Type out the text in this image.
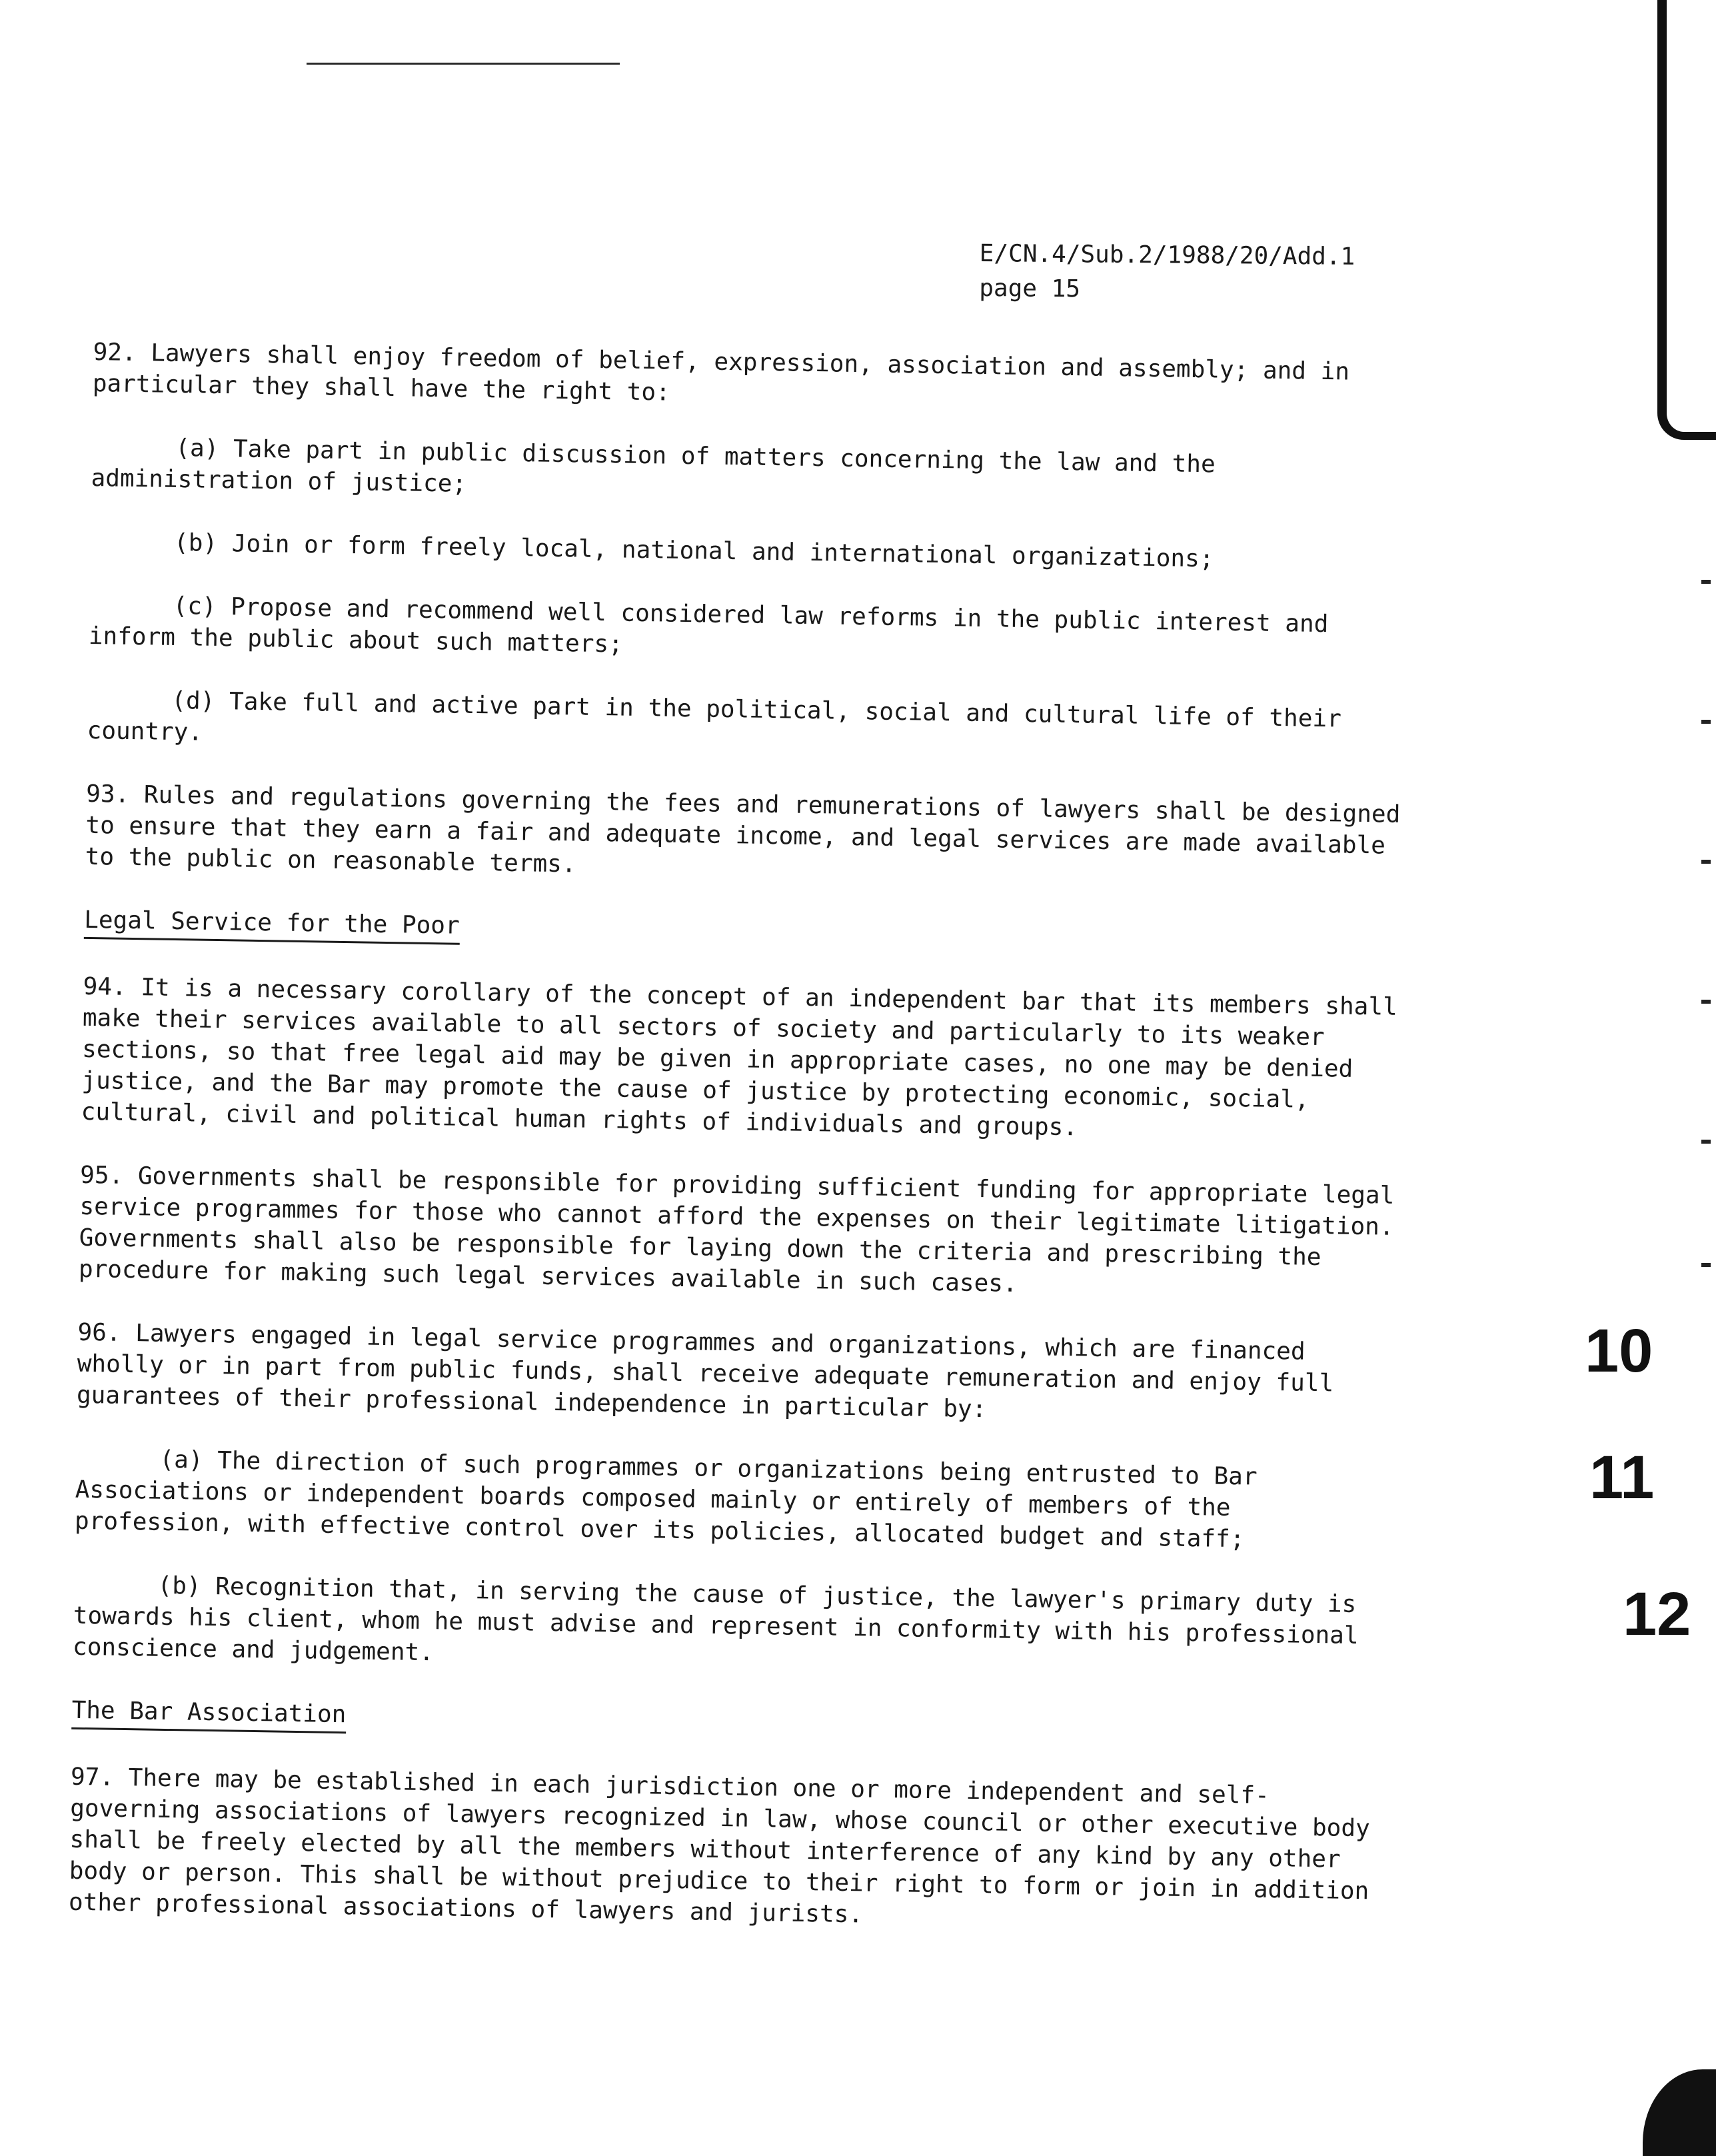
E/CN.4/Sub.2/1988/20/Add.1
page 15

92. Lawyers shall enjoy freedom of belief, expression, association and assembly; and in particular they shall have the right to:

(a) Take part in public discussion of matters concerning the law and the administration of justice;

(b) Join or form freely local, national and international organizations;

(c) Propose and recommend well considered law reforms in the public interest and inform the public about such matters;

(d) Take full and active part in the political, social and cultural life of their country.

93. Rules and regulations governing the fees and remunerations of lawyers shall be designed to ensure that they earn a fair and adequate income, and legal services are made available to the public on reasonable terms.

Legal Service for the Poor

94. It is a necessary corollary of the concept of an independent bar that its members shall make their services available to all sectors of society and particularly to its weaker sections, so that free legal aid may be given in appropriate cases, no one may be denied justice, and the Bar may promote the cause of justice by protecting economic, social, cultural, civil and political human rights of individuals and groups.

95. Governments shall be responsible for providing sufficient funding for appropriate legal service programmes for those who cannot afford the expenses on their legitimate litigation. Governments shall also be responsible for laying down the criteria and prescribing the procedure for making such legal services available in such cases.

96. Lawyers engaged in legal service programmes and organizations, which are financed wholly or in part from public funds, shall receive adequate remuneration and enjoy full guarantees of their professional independence in particular by:

(a) The direction of such programmes or organizations being entrusted to Bar Associations or independent boards composed mainly or entirely of members of the profession, with effective control over its policies, allocated budget and staff;

(b) Recognition that, in serving the cause of justice, the lawyer's primary duty is towards his client, whom he must advise and represent in conformity with his professional conscience and judgement.

The Bar Association

97. There may be established in each jurisdiction one or more independent and self-governing associations of lawyers recognized in law, whose council or other executive body shall be freely elected by all the members without interference of any kind by any other body or person. This shall be without prejudice to their right to form or join in addition other professional associations of lawyers and jurists.

10
11
12
